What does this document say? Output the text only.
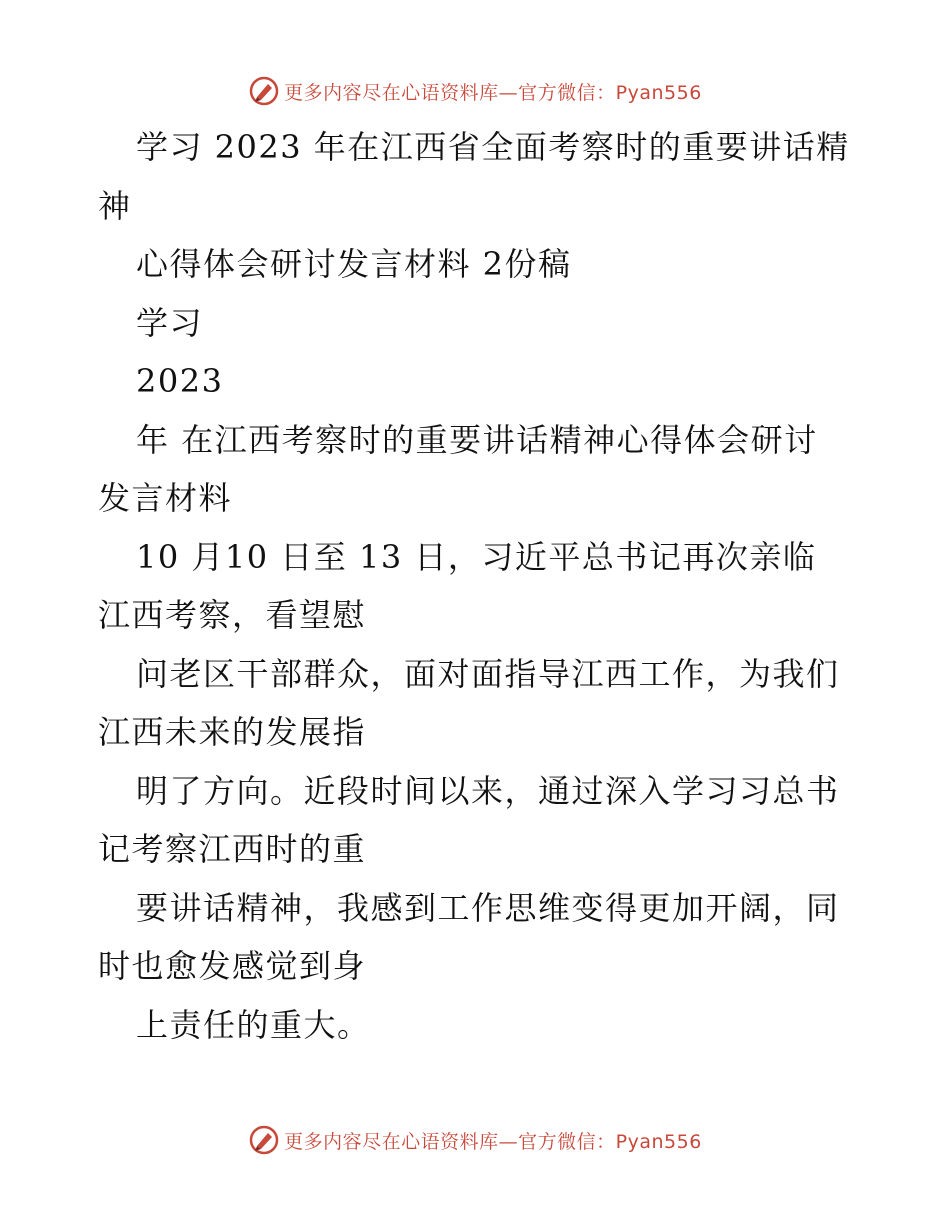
更多内容尽在心语资料库—官方微信：Pyan556
学习 2023 年在江西省全面考察时的重要讲话精
神
心得体会研讨发言材料 2份稿
学习
2023
年 在江西考察时的重要讲话精神心得体会研讨
发言材料
10 月10 日至 13 日，习近平总书记再次亲临
江西考察，看望慰
问老区干部群众，面对面指导江西工作，为我们
江西未来的发展指
明了方向。近段时间以来，通过深入学习习总书
记考察江西时的重
要讲话精神，我感到工作思维变得更加开阔，同
时也愈发感觉到身
上责任的重大。
更多内容尽在心语资料库—官方微信：Pyan556
